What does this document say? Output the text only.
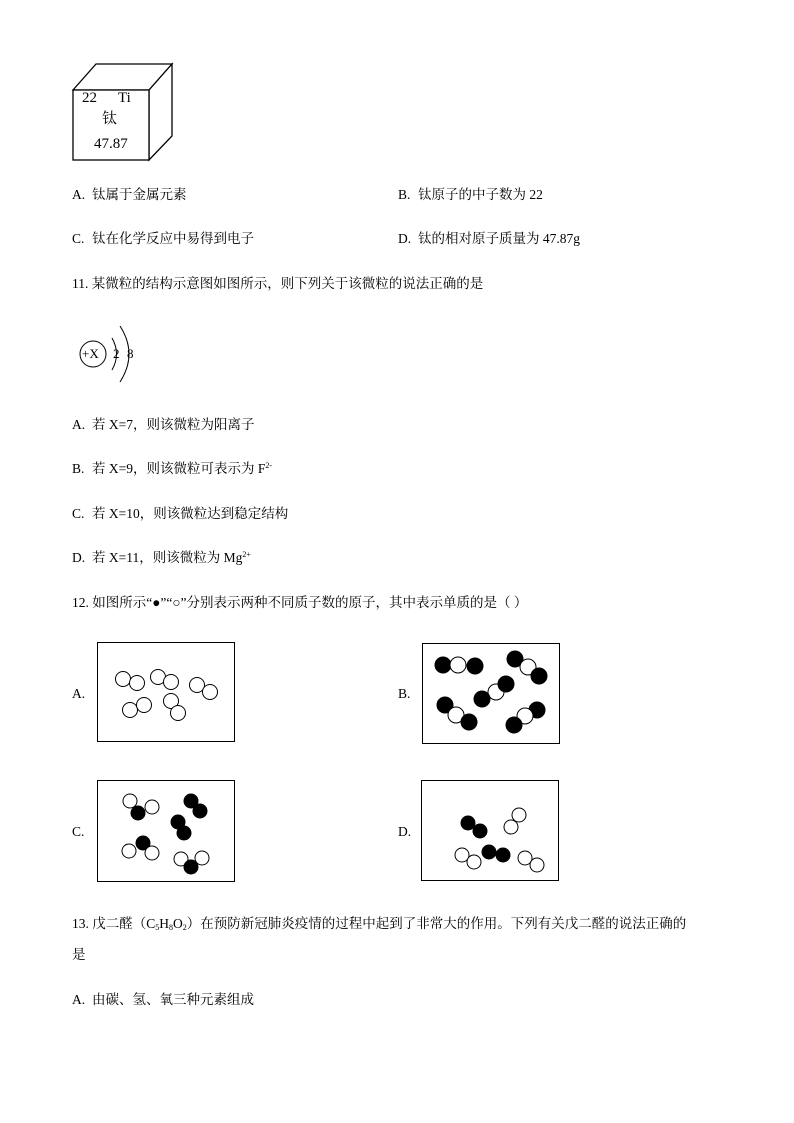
22 Ti
钛
47.87
A. 钛属于金属元素	B. 钛原子的中子数为 22
C. 钛在化学反应中易得到电子	D. 钛的相对原子质量为 47.87g
11. 某微粒的结构示意图如图所示，则下列关于该微粒的说法正确的是
+X 2 8
A. 若 X=7，则该微粒为阳离子
B. 若 X=9，则该微粒可表示为 $F^{2-}$
C. 若 X=10，则该微粒达到稳定结构
D. 若 X=11，则该微粒为 $Mg^{2+}$
12. 如图所示“●”“○”分别表示两种不同质子数的原子，其中表示单质的是（ ）
A.	B.
C.	D.
13. 戊二醛$(C_5H_8O_2)$在预防新冠肺炎疫情的过程中起到了非常大的作用。下列有关戊二醛的说法正确的
是
A. 由碳、氢、氧三种元素组成
